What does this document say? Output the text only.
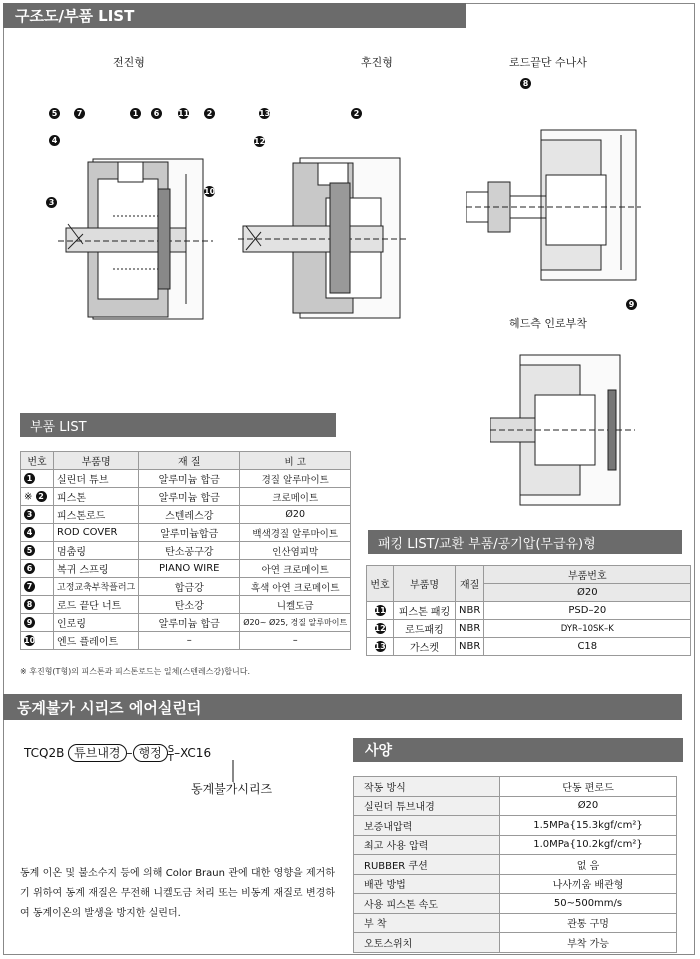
구조도/부품 LIST
전진형	후진형	로드끝단 수나사
헤드측 인로부착
5	7	1	6	11	2
4
10
3
13	2
12
8
9
부품 LIST
번호	부품명	재 질	비 고
1	실린더 튜브	알루미늄 합금	경질 알루마이트
※ 2	피스톤	알루미늄 합금	크로메이트
3	피스톤로드	스텐레스강	Ø20
4	ROD COVER	알루미늄합금	백색경질 알루마이트
5	멈춤링	탄소공구강	인산염피막
6	복귀 스프링	PIANO WIRE	아연 크로메이트
7	고정교축부착플러그	합금강	흑색 아연 크로메이트
8	로드 끝단 너트	탄소강	니켈도금
9	인로링	알루미늄 합금	Ø20~ Ø25, 경질 알루마이트
10	엔드 플레이트	–	–
※ 후진형(T형)의 피스톤과 피스톤로드는 일체(스텐레스강)합니다.
패킹 LIST/교환 부품/공기압(무급유)형
번호	부품명	재질	부품번호
			Ø20
11	피스톤 패킹	NBR	PSD–20
12	로드패킹	NBR	DYR–10SK–K
13	가스켓	NBR	C18
동계불가 시리즈 에어실린더
TCQ2B 튜브내경 – 행정 S
T–XC16
동계불가시리즈
동계 이온 및 불소수지 등에 의해 Color Braun 관에 대한 영향을 제거하기 위하여 동계 재질은 무전해 니켈도금 처리 또는 비동계 재질로 변경하여 동계이온의 발생을 방지한 실린더.
사양
작동 방식	단동 편로드
실린더 튜브내경	Ø20
보증내압력	1.5MPa{15.3kgf/cm²}
최고 사용 압력	1.0MPa{10.2kgf/cm²}
RUBBER 쿠션	없 음
배관 방법	나사끼움 배관형
사용 피스톤 속도	50~500mm/s
부 착	관통 구멍
오토스위치	부착 가능
